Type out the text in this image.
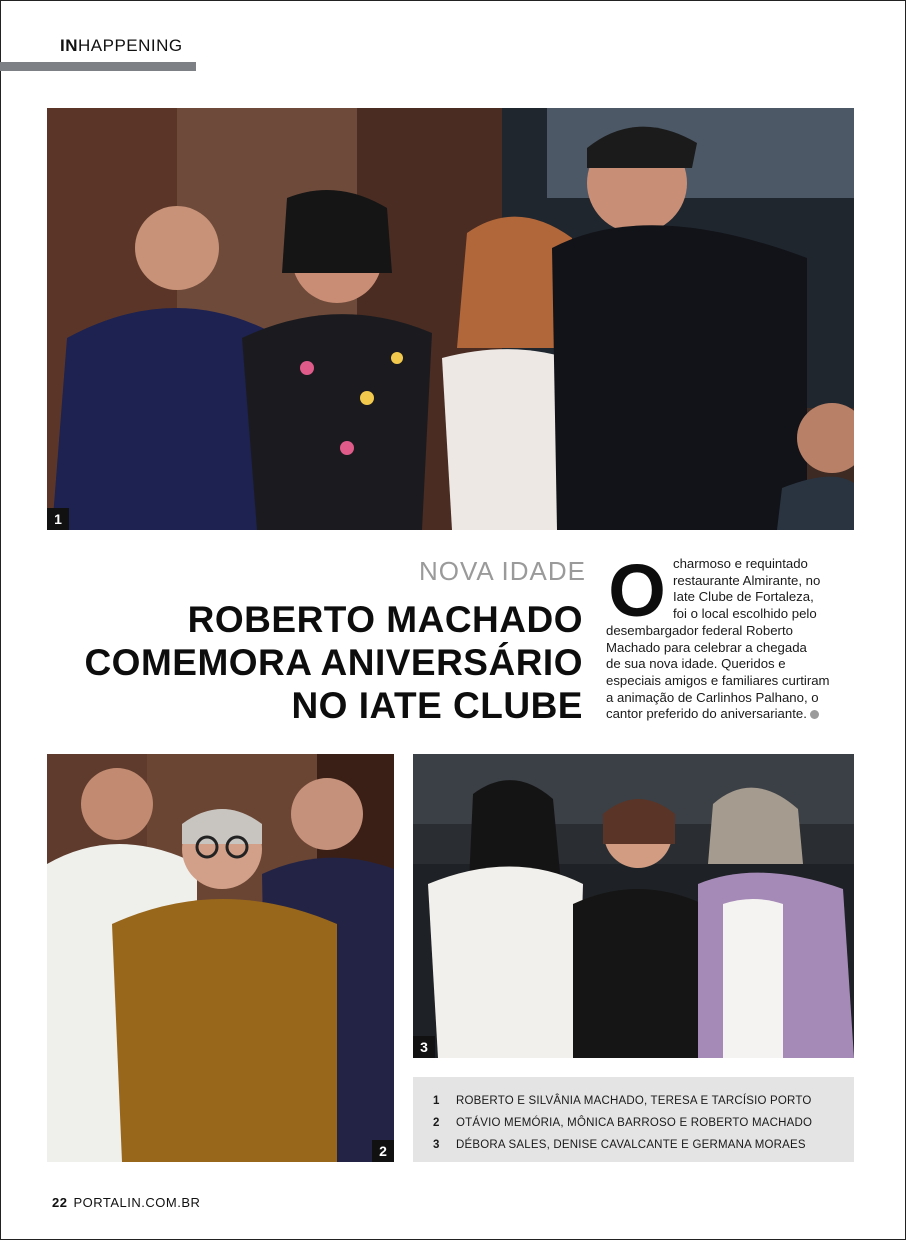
INHAPPENING
1
NOVA IDADE
ROBERTO MACHADO
COMEMORA ANIVERSÁRIO
NO IATE CLUBE
O charmoso e requintado
restaurante Almirante, no
Iate Clube de Fortaleza,
foi o local escolhido pelo
desembargador federal Roberto
Machado para celebrar a chegada
de sua nova idade. Queridos e
especiais amigos e familiares curtiram
a animação de Carlinhos Palhano, o
cantor preferido do aniversariante.
2
3
1	ROBERTO E SILVÂNIA MACHADO, TERESA E TARCÍSIO PORTO
2	OTÁVIO MEMÓRIA, MÔNICA BARROSO E ROBERTO MACHADO
3	DÉBORA SALES, DENISE CAVALCANTE E GERMANA MORAES
22 PORTALIN.COM.BR
